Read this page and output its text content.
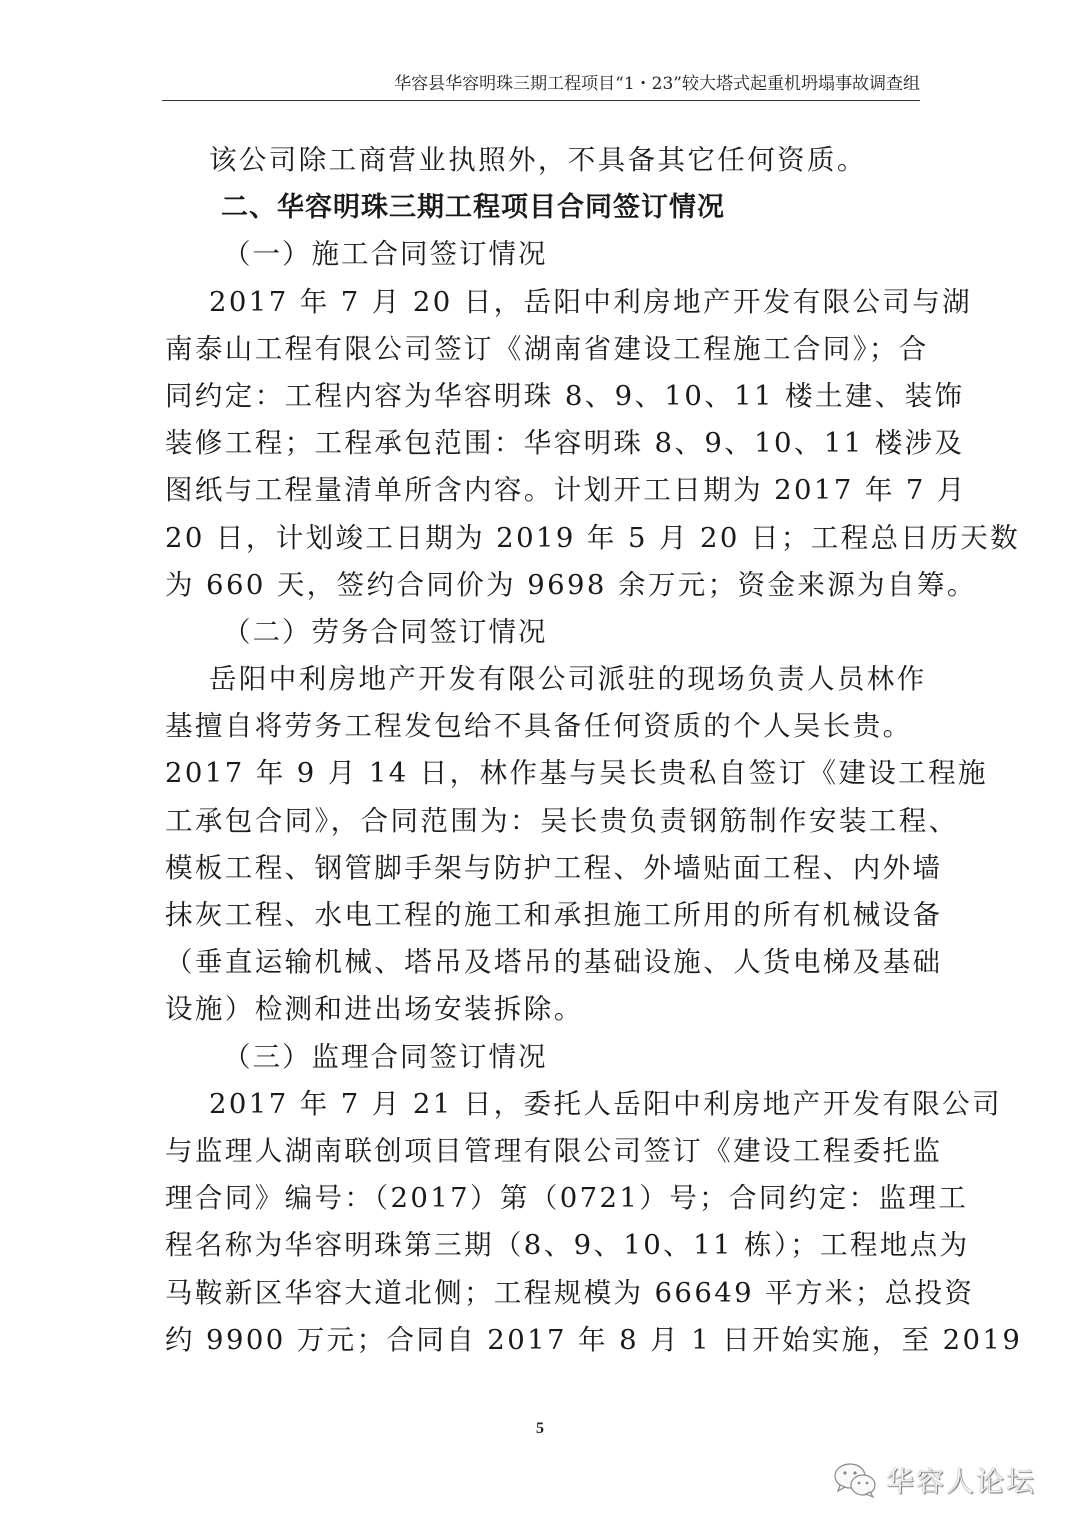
华容县华容明珠三期工程项目“1・23”较大塔式起重机坍塌事故调查组
该公司除工商营业执照外，不具备其它任何资质。
二、华容明珠三期工程项目合同签订情况
（一）施工合同签订情况
2017 年 7 月 20 日，岳阳中利房地产开发有限公司与湖
南泰山工程有限公司签订《湖南省建设工程施工合同》；合
同约定：工程内容为华容明珠 8、9、10、11 楼土建、装饰
装修工程；工程承包范围：华容明珠 8、9、10、11 楼涉及
图纸与工程量清单所含内容。计划开工日期为 2017 年 7 月
20 日，计划竣工日期为 2019 年 5 月 20 日；工程总日历天数
为 660 天，签约合同价为 9698 余万元；资金来源为自筹。
（二）劳务合同签订情况
岳阳中利房地产开发有限公司派驻的现场负责人员林作
基擅自将劳务工程发包给不具备任何资质的个人吴长贵。
2017 年 9 月 14 日，林作基与吴长贵私自签订《建设工程施
工承包合同》，合同范围为：吴长贵负责钢筋制作安装工程、
模板工程、钢管脚手架与防护工程、外墙贴面工程、内外墙
抹灰工程、水电工程的施工和承担施工所用的所有机械设备
（垂直运输机械、塔吊及塔吊的基础设施、人货电梯及基础
设施）检测和进出场安装拆除。
（三）监理合同签订情况
2017 年 7 月 21 日，委托人岳阳中利房地产开发有限公司
与监理人湖南联创项目管理有限公司签订《建设工程委托监
理合同》编号：（2017）第（0721）号；合同约定：监理工
程名称为华容明珠第三期（8、9、10、11 栋）；工程地点为
马鞍新区华容大道北侧；工程规模为 66649 平方米；总投资
约 9900 万元；合同自 2017 年 8 月 1 日开始实施，至 2019
5
华容人论坛
